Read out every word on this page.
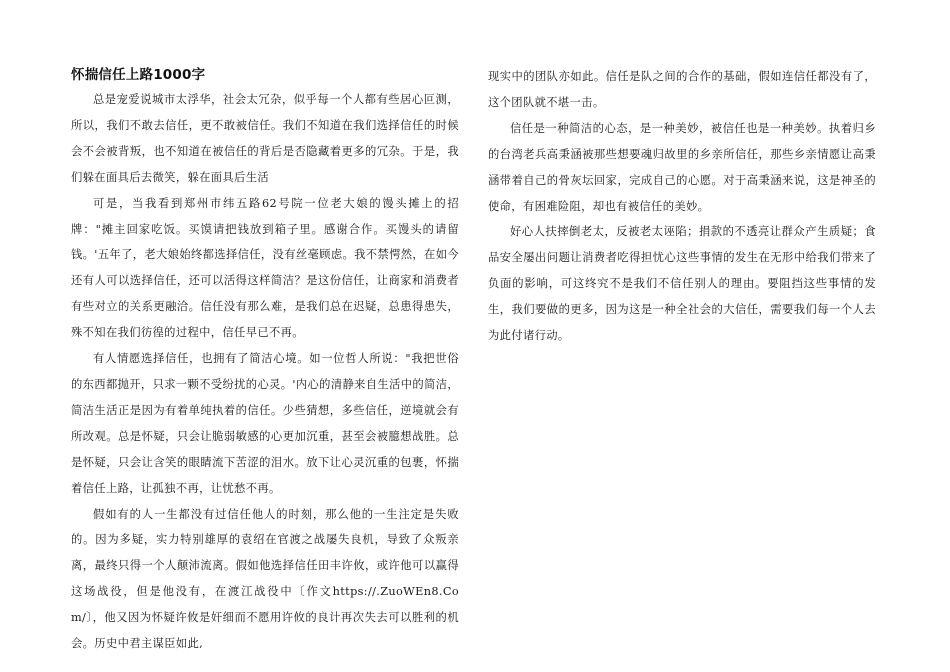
怀揣信任上路1000字

总是宠爱说城市太浮华，社会太冗杂，似乎每一个人都有些居心叵测，所以，我们不敢去信任，更不敢被信任。我们不知道在我们选择信任的时候会不会被背叛，也不知道在被信任的背后是否隐藏着更多的冗杂。于是，我们躲在面具后去微笑，躲在面具后生活

可是，当我看到郑州市纬五路62号院一位老大娘的馒头摊上的招牌："摊主回家吃饭。买馍请把钱放到箱子里。感谢合作。买馒头的请留钱。'五年了，老大娘始终都选择信任，没有丝毫顾虑。我不禁愕然，在如今还有人可以选择信任，还可以活得这样简洁？是这份信任，让商家和消费者有些对立的关系更融洽。信任没有那么难，是我们总在迟疑，总患得患失，殊不知在我们彷徨的过程中，信任早已不再。

有人情愿选择信任，也拥有了简洁心境。如一位哲人所说："我把世俗的东西都抛开，只求一颗不受纷扰的心灵。'内心的清静来自生活中的简洁，简洁生活正是因为有着单纯执着的信任。少些猜想，多些信任，逆境就会有所改观。总是怀疑，只会让脆弱敏感的心更加沉重，甚至会被臆想战胜。总是怀疑，只会让含笑的眼睛流下苦涩的泪水。放下让心灵沉重的包裹，怀揣着信任上路，让孤独不再，让忧愁不再。

假如有的人一生都没有过信任他人的时刻，那么他的一生注定是失败的。因为多疑，实力特别雄厚的袁绍在官渡之战屡失良机，导致了众叛亲离，最终只得一个人颠沛流离。假如他选择信任田丰许攸，或许他可以赢得这场战役，但是他没有，在渡江战役中〔作文https://.ZuoWEn8.Com/〕，他又因为怀疑许攸是奸细而不愿用许攸的良计再次失去可以胜利的机会。历史中君主谋臣如此,

现实中的团队亦如此。信任是队之间的合作的基础，假如连信任都没有了，这个团队就不堪一击。

信任是一种简洁的心态，是一种美妙，被信任也是一种美妙。执着归乡的台湾老兵高秉涵被那些想要魂归故里的乡亲所信任，那些乡亲情愿让高秉涵带着自己的骨灰坛回家，完成自己的心愿。对于高秉涵来说，这是神圣的使命，有困难险阻，却也有被信任的美妙。

好心人扶摔倒老太，反被老太诬陷；捐款的不透亮让群众产生质疑；食品安全屡出问题让消费者吃得担忧心这些事情的发生在无形中给我们带来了负面的影响，可这终究不是我们不信任别人的理由。要阻挡这些事情的发生，我们要做的更多，因为这是一种全社会的大信任，需要我们每一个人去为此付诸行动。
